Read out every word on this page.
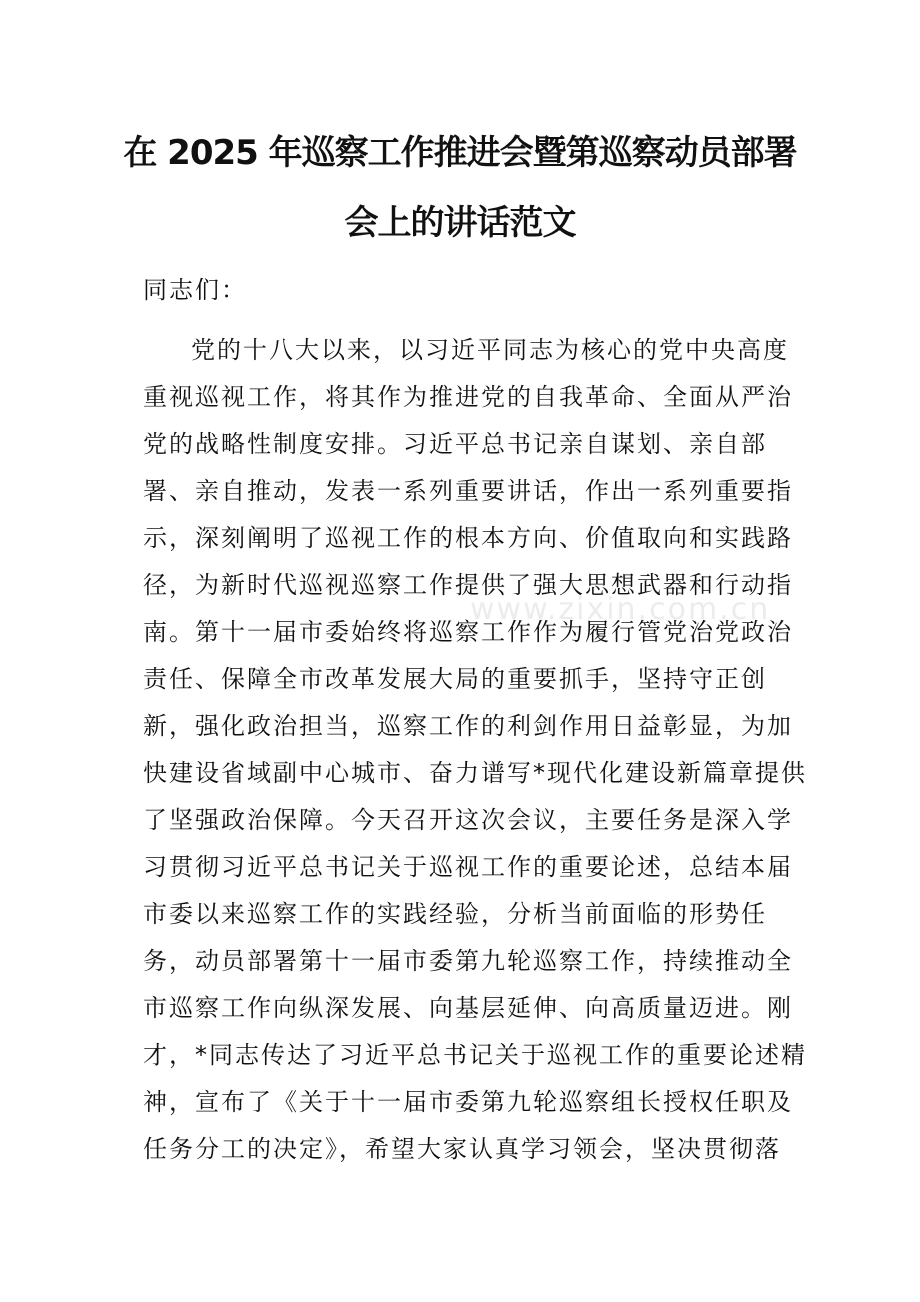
在 2025 年巡察工作推进会暨第巡察动员部署
会上的讲话范文
同志们：
党的十八大以来，以习近平同志为核心的党中央高度
重视巡视工作，将其作为推进党的自我革命、全面从严治
党的战略性制度安排。习近平总书记亲自谋划、亲自部
署、亲自推动，发表一系列重要讲话，作出一系列重要指
示，深刻阐明了巡视工作的根本方向、价值取向和实践路
径，为新时代巡视巡察工作提供了强大思想武器和行动指
南。第十一届市委始终将巡察工作作为履行管党治党政治
责任、保障全市改革发展大局的重要抓手，坚持守正创
新，强化政治担当，巡察工作的利剑作用日益彰显，为加
快建设省域副中心城市、奋力谱写*现代化建设新篇章提供
了坚强政治保障。今天召开这次会议，主要任务是深入学
习贯彻习近平总书记关于巡视工作的重要论述，总结本届
市委以来巡察工作的实践经验，分析当前面临的形势任
务，动员部署第十一届市委第九轮巡察工作，持续推动全
市巡察工作向纵深发展、向基层延伸、向高质量迈进。刚
才，*同志传达了习近平总书记关于巡视工作的重要论述精
神，宣布了《关于十一届市委第九轮巡察组长授权任职及
任务分工的决定》，希望大家认真学习领会，坚决贯彻落
www.zixin.com.cn
